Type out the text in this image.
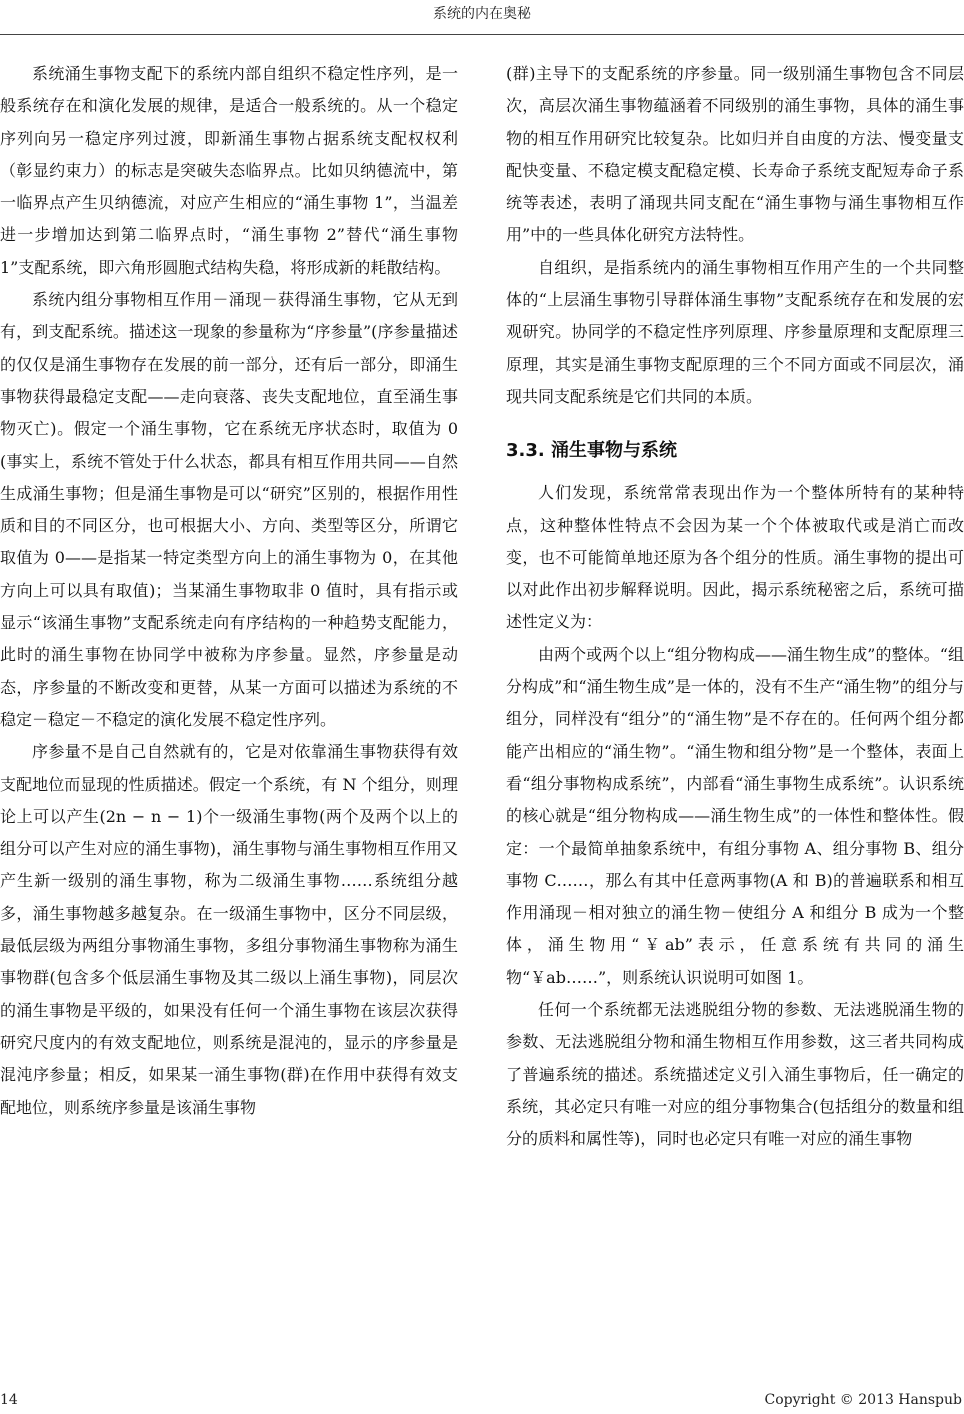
系统的内在奥秘

系统涌生事物支配下的系统内部自组织不稳定性序列，是一般系统存在和演化发展的规律，是适合一般系统的。从一个稳定序列向另一稳定序列过渡，即新涌生事物占据系统支配权权利（彰显约束力）的标志是突破失态临界点。比如贝纳德流中，第一临界点产生贝纳德流，对应产生相应的“涌生事物 1”，当温差进一步增加达到第二临界点时，“涌生事物 2”替代“涌生事物 1”支配系统，即六角形圆胞式结构失稳，将形成新的耗散结构。

系统内组分事物相互作用－涌现－获得涌生事物，它从无到有，到支配系统。描述这一现象的参量称为“序参量”(序参量描述的仅仅是涌生事物存在发展的前一部分，还有后一部分，即涌生事物获得最稳定支配——走向衰落、丧失支配地位，直至涌生事物灭亡)。假定一个涌生事物，它在系统无序状态时，取值为 0 (事实上，系统不管处于什么状态，都具有相互作用共同——自然生成涌生事物；但是涌生事物是可以“研究”区别的，根据作用性质和目的不同区分，也可根据大小、方向、类型等区分，所谓它取值为 0——是指某一特定类型方向上的涌生事物为 0，在其他方向上可以具有取值)；当某涌生事物取非 0 值时，具有指示或显示“该涌生事物”支配系统走向有序结构的一种趋势支配能力，此时的涌生事物在协同学中被称为序参量。显然，序参量是动态，序参量的不断改变和更替，从某一方面可以描述为系统的不稳定－稳定－不稳定的演化发展不稳定性序列。

序参量不是自己自然就有的，它是对依靠涌生事物获得有效支配地位而显现的性质描述。假定一个系统，有 N 个组分，则理论上可以产生(2n − n − 1)个一级涌生事物(两个及两个以上的组分可以产生对应的涌生事物)，涌生事物与涌生事物相互作用又产生新一级别的涌生事物，称为二级涌生事物……系统组分越多，涌生事物越多越复杂。在一级涌生事物中，区分不同层级，最低层级为两组分事物涌生事物，多组分事物涌生事物称为涌生事物群(包含多个低层涌生事物及其二级以上涌生事物)，同层次的涌生事物是平级的，如果没有任何一个涌生事物在该层次获得研究尺度内的有效支配地位，则系统是混沌的，显示的序参量是混沌序参量；相反，如果某一涌生事物(群)在作用中获得有效支配地位，则系统序参量是该涌生事物

(群)主导下的支配系统的序参量。同一级别涌生事物包含不同层次，高层次涌生事物蕴涵着不同级别的涌生事物，具体的涌生事物的相互作用研究比较复杂。比如归并自由度的方法、慢变量支配快变量、不稳定模支配稳定模、长寿命子系统支配短寿命子系统等表述，表明了涌现共同支配在“涌生事物与涌生事物相互作用”中的一些具体化研究方法特性。

自组织，是指系统内的涌生事物相互作用产生的一个共同整体的“上层涌生事物引导群体涌生事物”支配系统存在和发展的宏观研究。协同学的不稳定性序列原理、序参量原理和支配原理三原理，其实是涌生事物支配原理的三个不同方面或不同层次，涌现共同支配系统是它们共同的本质。

3.3. 涌生事物与系统

人们发现，系统常常表现出作为一个整体所特有的某种特点，这种整体性特点不会因为某一个个体被取代或是消亡而改变，也不可能简单地还原为各个组分的性质。涌生事物的提出可以对此作出初步解释说明。因此，揭示系统秘密之后，系统可描述性定义为：

由两个或两个以上“组分物构成——涌生物生成”的整体。“组分构成”和“涌生物生成”是一体的，没有不生产“涌生物”的组分与组分，同样没有“组分”的“涌生物”是不存在的。任何两个组分都能产出相应的“涌生物”。“涌生物和组分物”是一个整体，表面上看“组分事物构成系统”，内部看“涌生事物生成系统”。认识系统的核心就是“组分物构成——涌生物生成”的一体性和整体性。假定：一个最简单抽象系统中，有组分事物 A、组分事物 B、组分事物 C……，那么有其中任意两事物(A 和 B)的普遍联系和相互作用涌现－相对独立的涌生物－使组分 A 和组分 B 成为一个整体，涌生物用“￥ab”表示，任意系统有共同的涌生物“￥ab……”，则系统认识说明可如图 1。

任何一个系统都无法逃脱组分物的参数、无法逃脱涌生物的参数、无法逃脱组分物和涌生物相互作用参数，这三者共同构成了普遍系统的描述。系统描述定义引入涌生事物后，任一确定的系统，其必定只有唯一对应的组分事物集合(包括组分的数量和组分的质料和属性等)，同时也必定只有唯一对应的涌生事物

14	Copyright © 2013 Hanspub
